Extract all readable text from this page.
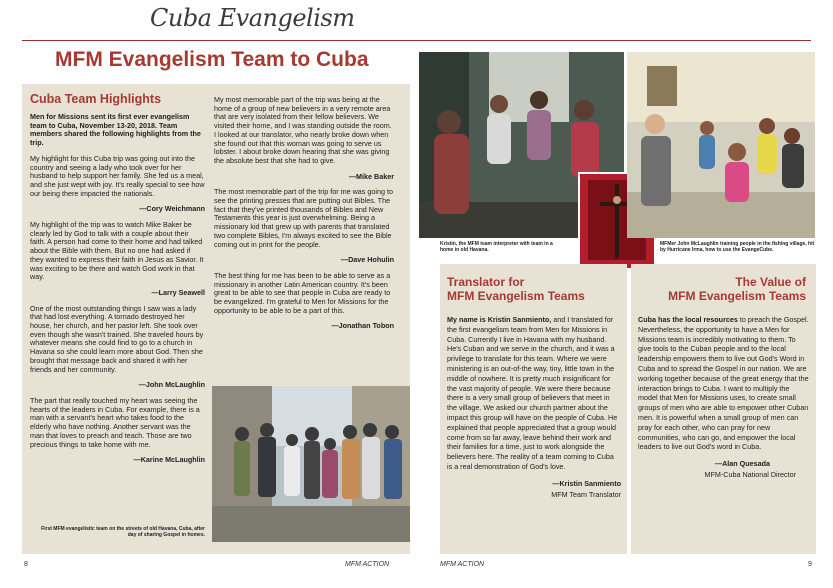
Cuba Evangelism
MFM Evangelism Team to Cuba
Cuba Team Highlights

Men for Missions sent its first ever evangelism team to Cuba, November 13-20, 2018. Team members shared the following highlights from the trip.

My highlight for this Cuba trip was going out into the country and seeing a lady who took over for her husband to help support her family. She fed us a meal, and she just wept with joy. It's really special to see how our being there impacted the nationals.

—Cory Weichmann

My highlight of the trip was to watch Mike Baker be clearly led by God to talk with a couple about their faith. A person had come to their home and had talked about the Bible with them. But no one had asked if they wanted to express their faith in Jesus as Savior. It was exciting to be there and watch God work in that way.

—Larry Seawell

One of the most outstanding things I saw was a lady that had lost everything. A tornado destroyed her house, her church, and her pastor left. She took over even though she wasn't trained. She traveled hours by whatever means she could find to go to a church in Havana so she could learn more about God. Then she brought that message back and shared it with her friends and her community.

—John McLaughlin

The part that really touched my heart was seeing the hearts of the leaders in Cuba. For example, there is a man with a servant's heart who takes food to the elderly who have nothing. Another servant was the man that loves to preach and teach. Those are two precious things to take home with me.

—Karine McLaughlin

My most memorable part of the trip was being at the home of a group of new believers in a very remote area that are very isolated from their fellow believers. We visited their home, and I was standing outside the room. I looked at our translator, who nearly broke down when she found out that this woman was going to serve us lobster. I about broke down hearing that she was giving the absolute best that she had to give.

—Mike Baker

The most memorable part of the trip for me was going to see the printing presses that are putting out Bibles. The fact that they've printed thousands of Bibles and New Testaments this year is just overwhelming. Being a missionary kid that grew up with parents that translated two complete Bibles, I'm always excited to see the Bible coming out in print for the people.

—Dave Hohulin

The best thing for me has been to be able to serve as a missionary in another Latin American country. It's been great to be able to see that people in Cuba are ready to be evangelized. I'm grateful to Men for Missions for the opportunity to be able to be a part of this.

—Jonathan Tobon

First MFM evangelistic team on the streets of old Havana, Cuba, after day of sharing Gospel in homes.
Kristin, the MFM team interpreter with team in a home in old Havana.
MFMer John McLaughlin training people in the fishing village, hit by Hurricane Irma, how to use the EvangeCube.
Translator for
MFM Evangelism Teams

My name is Kristin Sanmiento, and I translated for the first evangelism team from Men for Missions in Cuba. Currently I live in Havana with my husband. He's Cuban and we serve in the church, and it was a privilege to translate for this team. Where we were ministering is an out-of-the way, tiny, little town in the middle of nowhere. It is pretty much insignificant for the vast majority of people. We were there because there is a very small group of believers that meet in the village. We asked our church partner about the impact this group will have on the people of Cuba. He explained that people appreciated that a group would come from so far away, leave behind their work and their families for a time, just to work alongside the believers here. The reality of a team coming to Cuba is a real demonstration of God's love.

—Kristin Sanmiento

MFM Team Translator

The Value of
MFM Evangelism Teams

Cuba has the local resources to preach the Gospel. Nevertheless, the opportunity to have a Men for Missions team is incredibly motivating to them. To give tools to the Cuban people and to the local leadership empowers them to live out God's Word in Cuba and to spread the Gospel in our nation. We are working together because of the great energy that the interaction brings to Cuba. I want to multiply the model that Men for Missions uses, to create small groups of men who are able to empower other Cuban men. It is powerful when a small group of men can pray for each other, who can pray for new communities, who can go, and empower the local leaders to live out God's word in Cuba.

—Alan Quesada

MFM-Cuba National Director

8	MFM ACTION	MFM ACTION	9
